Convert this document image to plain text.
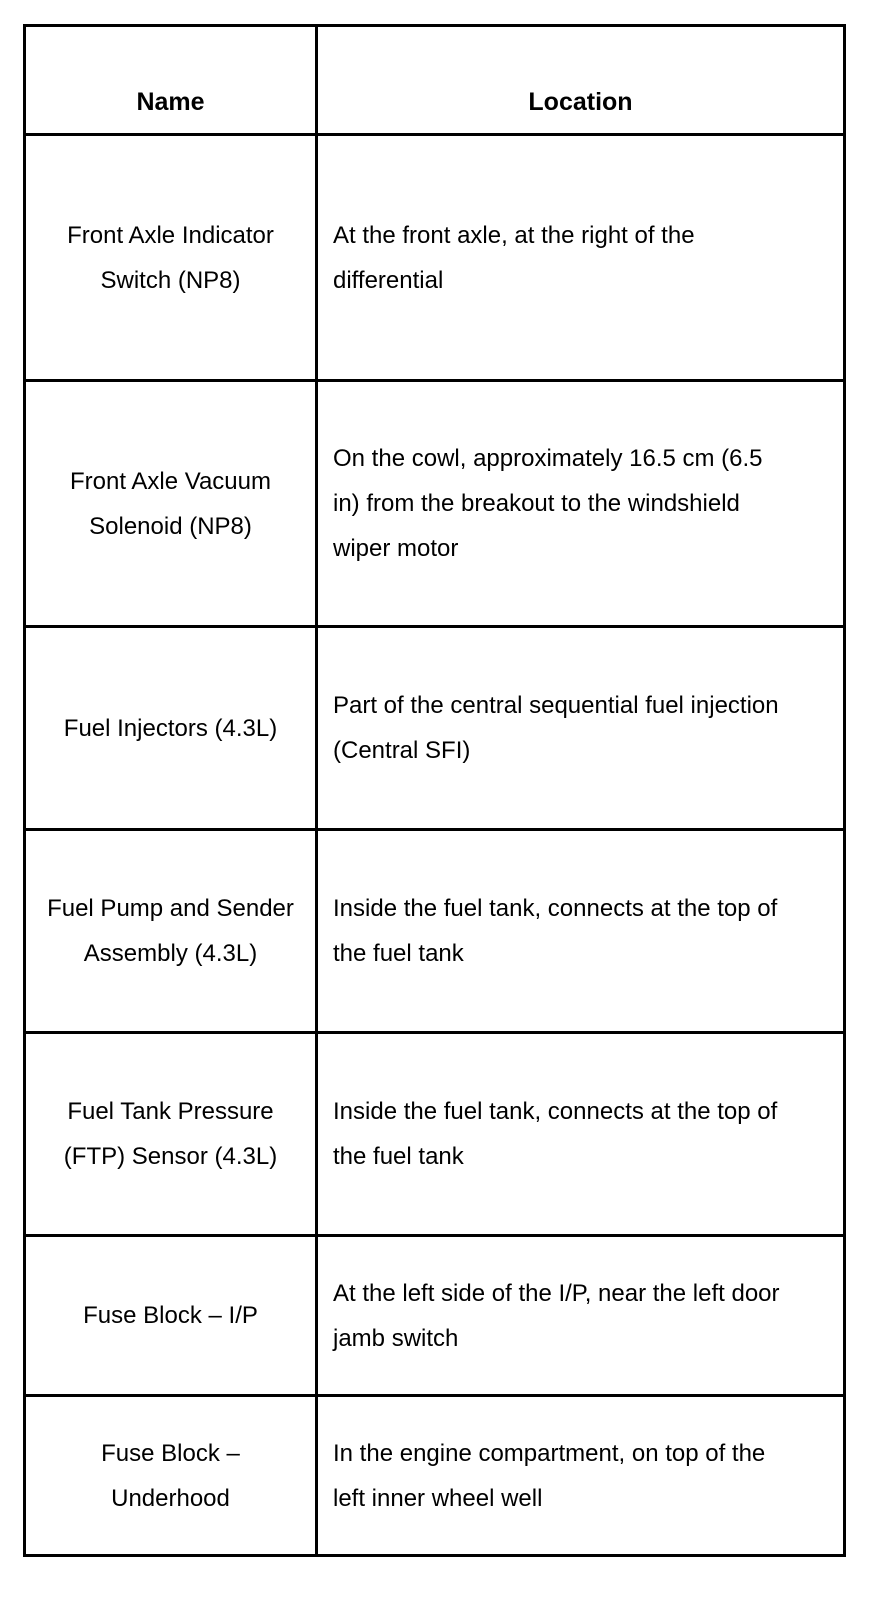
Name	Location
Front Axle Indicator Switch (NP8)	At the front axle, at the right of the differential
Front Axle Vacuum Solenoid (NP8)	On the cowl, approximately 16.5 cm (6.5 in) from the breakout to the windshield wiper motor
Fuel Injectors (4.3L)	Part of the central sequential fuel injection (Central SFI)
Fuel Pump and Sender Assembly (4.3L)	Inside the fuel tank, connects at the top of the fuel tank
Fuel Tank Pressure (FTP) Sensor (4.3L)	Inside the fuel tank, connects at the top of the fuel tank
Fuse Block – I/P	At the left side of the I/P, near the left door jamb switch
Fuse Block – Underhood	In the engine compartment, on top of the left inner wheel well
